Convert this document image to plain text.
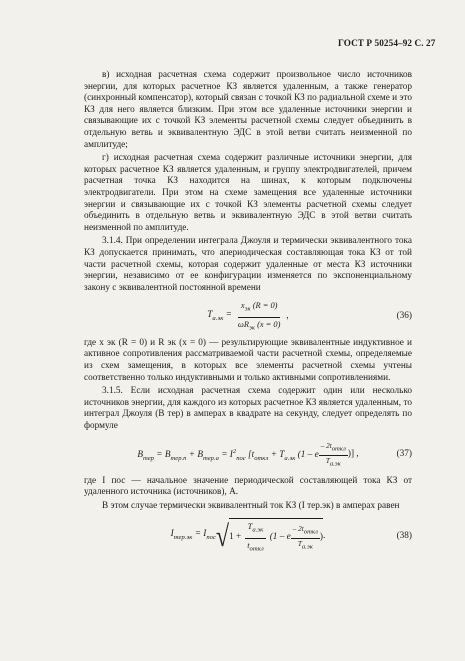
ГОСТ Р 50254–92 С. 27

в) исходная расчетная схема содержит произвольное число источников энергии, для которых расчетное КЗ является удаленным, а также генератор (синхронный компенсатор), который связан с точкой КЗ по радиальной схеме и это КЗ для него является близким. При этом все удаленные источники энергии и связывающие их с точкой КЗ элементы расчетной схемы следует объединить в отдельную ветвь и эквивалентную ЭДС в этой ветви считать неизменной по амплитуде;

г) исходная расчетная схема содержит различные источники энергии, для которых расчетное КЗ является удаленным, и группу электродвигателей, причем расчетная точка КЗ находится на шинах, к которым подключены электродвигатели. При этом на схеме замещения все удаленные источники энергии и связывающие их с точкой КЗ элементы расчетной схемы следует объединить в отдельную ветвь и эквивалентную ЭДС в этой ветви считать неизменной по амплитуде.

3.1.4. При определении интеграла Джоуля и термически эквивалентного тока КЗ допускается принимать, что апериодическая составляющая тока КЗ от той части расчетной схемы, которая содержит удаленные от места КЗ источники энергии, независимо от ее конфигурации изменяется по экспоненциальному закону с эквивалентной постоянной времени

$T_{а.эк} = \frac{x_{эк} (R = 0)}{\omega R_{эк} (x = 0)}$ ,	(36)

где x эк (R = 0) и R эк (x = 0) — результирующие эквивалентные индуктивное и активное сопротивления рассматриваемой части расчетной схемы, определяемые из схем замещения, в которых все элементы расчетной схемы учтены соответственно только индуктивными и только активными сопротивлениями.

3.1.5. Если исходная расчетная схема содержит один или несколько источников энергии, для каждого из которых расчетное КЗ является удаленным, то интеграл Джоуля (B тер) в амперах в квадрате на секунду, следует определять по формуле

$B_{тер} = B_{тер.п} + B_{тер.а} = I^2_{пос}$ [$t_{откл} + T_{а.эк}$ (1 – e
– $2t_{откл}$
$T_{а.эк}$
)] ,	(37)

где I пос — начальное значение периодической составляющей тока КЗ от удаленного источника (источников), А.

В этом случае термически эквивалентный ток КЗ (I тер.эк) в амперах равен

$I_{тер.эк} = I_{пос}$ √ $1 + \frac{T_{а.эк}}{t_{откл}} (1 - e$
– $2t_{откл}$
$T_{а.эк}$
) .	(38)
